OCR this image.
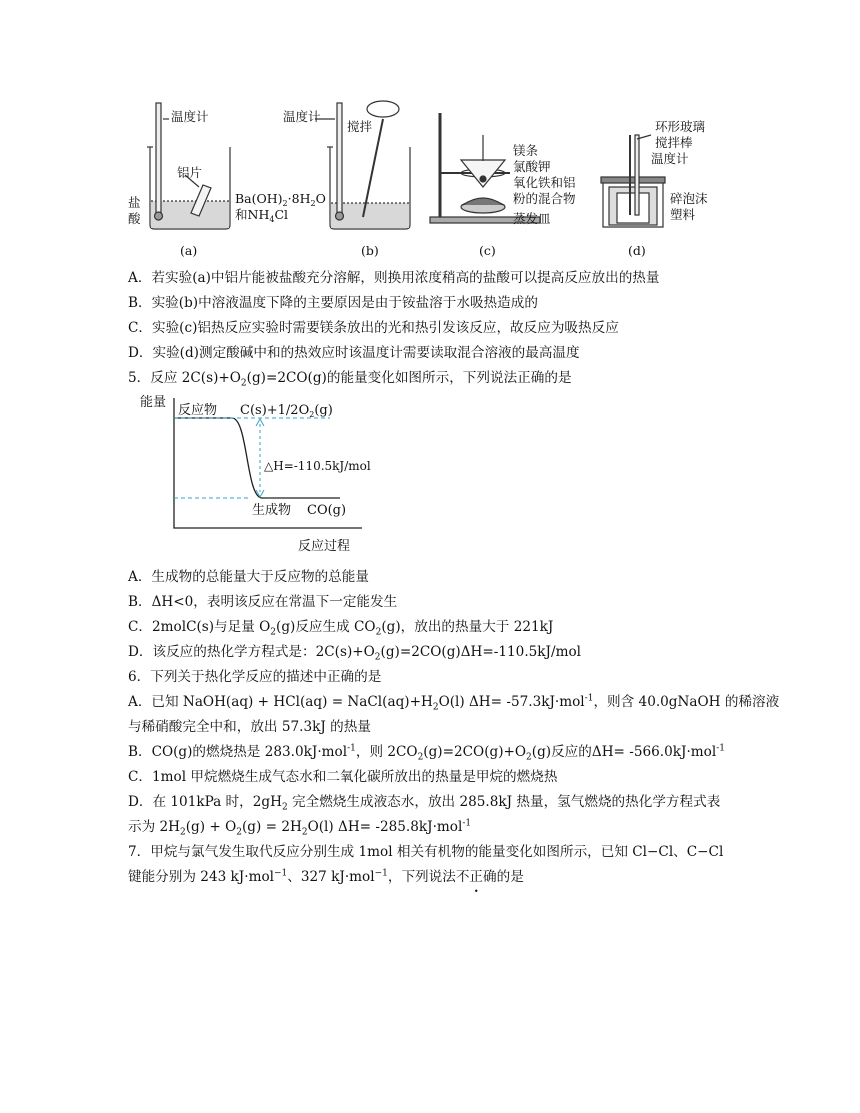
温度计
铝片
盐
酸
(a)
温度计
搅拌
$Ba(OH)_2\cdot 8H_2O$
和$NH_4Cl$
(b)
镁条
氯酸钾
氧化铁和铝
粉的混合物
蒸发皿
(c)
环形玻璃
搅拌棒
温度计
碎泡沫
塑料
(d)
A．若实验(a)中铝片能被盐酸充分溶解，则换用浓度稍高的盐酸可以提高反应放出的热量
B．实验(b)中溶液温度下降的主要原因是由于铵盐溶于水吸热造成的
C．实验(c)铝热反应实验时需要镁条放出的光和热引发该反应，故反应为吸热反应
D．实验(d)测定酸碱中和的热效应时该温度计需要读取混合溶液的最高温度
5．反应 $2C(s)+O_2(g)=2CO(g)$的能量变化如图所示，下列说法正确的是
能量
反应物 $C(s)+1/2O_2(g)$
△H=-110.5kJ/mol
生成物 CO(g)
反应过程
A．生成物的总能量大于反应物的总能量
B．ΔH<0，表明该反应在常温下一定能发生
C．2molC(s)与足量 $O_2(g)$反应生成 $CO_2(g)$，放出的热量大于 221kJ
D．该反应的热化学方程式是：$2C(s)+O_2(g)=2CO(g)\Delta H=-110.5kJ$/mol
6．下列关于热化学反应的描述中正确的是
A．已知 NaOH(aq) + $HCl(aq) = NaCl(aq)+H_2O(l)$ ΔH= -57.3kJ·mol$^{-1}$，则含 40.0gNaOH 的稀溶液
与稀硝酸完全中和，放出 57.3kJ 的热量
B．CO(g)的燃烧热是 283.0kJ·mol$^{-1}$，则 $2CO_2(g)=2CO(g)+O_2(g)$反应的ΔH= -566.0kJ·mol$^{-1}$
C．1mol 甲烷燃烧生成气态水和二氧化碳所放出的热量是甲烷的燃烧热
D．在 101kPa 时，$2gH_2$ 完全燃烧生成液态水，放出 285.8kJ 热量，氢气燃烧的热化学方程式表
示为 $2H_2(g) + O_2(g) = 2H_2O(l)$ ΔH= -285.8kJ·mol$^{-1}$
7．甲烷与氯气发生取代反应分别生成 1mol 相关有机物的能量变化如图所示，已知 Cl−Cl、C−Cl
键能分别为 243 kJ·mol$^{-1}$、327 kJ·mol$^{-1}$，下列说法不正确的是
